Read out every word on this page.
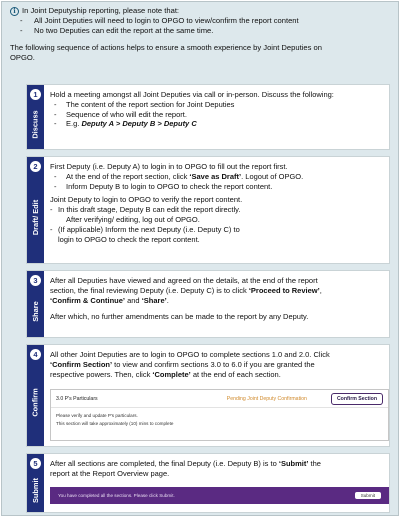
i In Joint Deputyship reporting, please note that:
-	All Joint Deputies will need to login to OPGO to view/confirm the report content
-	No two Deputies can edit the report at the same time.

The following sequence of actions helps to ensure a smooth experience by Joint Deputies on
OPGO.

1
Discuss
Hold a meeting amongst all Joint Deputies via call or in-person. Discuss the following:
-	The content of the report section for Joint Deputies
-	Sequence of who will edit the report.
-	E.g. Deputy A > Deputy B > Deputy C
2
Draft/ Edit
First Deputy (i.e. Deputy A) to login in to OPGO to fill out the report first.
-	At the end of the report section, click ‘Save as Draft’. Logout of OPGO.
-	Inform Deputy B to login to OPGO to check the report content.
Joint Deputy to login to OPGO to verify the report content.
- In this draft stage, Deputy B can edit the report directly.
After verifying/ editing, log out of OPGO.
- (If applicable) Inform the next Deputy (i.e. Deputy C) to
login to OPGO to check the report content.
3
Share
After all Deputies have viewed and agreed on the details, at the end of the report
section, the final reviewing Deputy (i.e. Deputy C) is to click ‘Proceed to Review’,
‘Confirm & Continue’ and ‘Share’.
After which, no further amendments can be made to the report by any Deputy.
4
Confirm
All other Joint Deputies are to login to OPGO to complete sections 1.0 and 2.0. Click
‘Confirm Section’ to view and confirm sections 3.0 to 6.0 if you are granted the
respective powers. Then, click ‘Complete’ at the end of each section.
3.0 P's Particulars	Pending Joint Deputy Confirmation	Confirm Section
Please verify and update P's particulars.
This section will take approximately (10) mins to complete
5
Submit
After all sections are completed, the final Deputy (i.e. Deputy B) is to ‘Submit’ the
report at the Report Overview page.
You have completed all the sections. Please click Submit.	Submit
